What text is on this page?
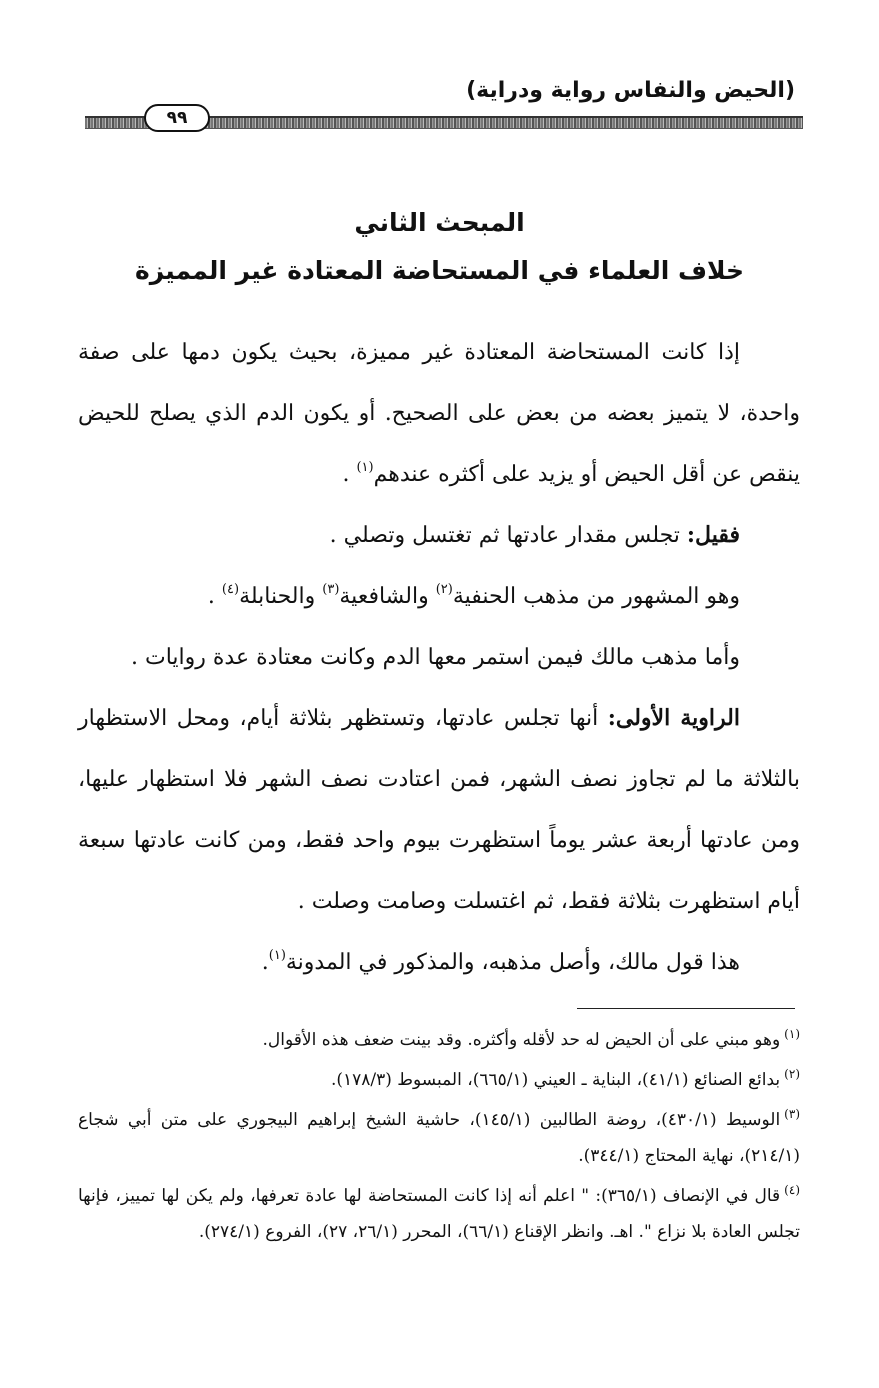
(الحيض والنفاس رواية ودراية)
٩٩
المبحث الثاني
خلاف العلماء في المستحاضة المعتادة غير المميزة

إذا كانت المستحاضة المعتادة غير مميزة، بحيث يكون دمها على صفة واحدة، لا يتميز بعضه من بعض على الصحيح. أو يكون الدم الذي يصلح للحيض ينقص عن أقل الحيض أو يزيد على أكثره عندهم$^{(١)}$ .

فقيل: تجلس مقدار عادتها ثم تغتسل وتصلي .

وهو المشهور من مذهب الحنفية$^{(٢)}$ والشافعية$^{(٣)}$ والحنابلة$^{(٤)}$ .

وأما مذهب مالك فيمن استمر معها الدم وكانت معتادة عدة روايات .

الراوية الأولى: أنها تجلس عادتها، وتستظهر بثلاثة أيام، ومحل الاستظهار بالثلاثة ما لم تجاوز نصف الشهر، فمن اعتادت نصف الشهر فلا استظهار عليها، ومن عادتها أربعة عشر يوماً استظهرت بيوم واحد فقط، ومن كانت عادتها سبعة أيام استظهرت بثلاثة فقط، ثم اغتسلت وصامت وصلت .

هذا قول مالك، وأصل مذهبه، والمذكور في المدونة$^{(١)}$.

$^{(١)}$وهو مبني على أن الحيض له حد لأقله وأكثره. وقد بينت ضعف هذه الأقوال.

$^{(٢)}$بدائع الصنائع (٤١/١)، البناية ـ العيني (٦٦٥/١)، المبسوط (١٧٨/٣).

$^{(٣)}$الوسيط (٤٣٠/١)، روضة الطالبين (١٤٥/١)، حاشية الشيخ إبراهيم البيجوري على متن أبي شجاع (٢١٤/١)، نهاية المحتاج (٣٤٤/١).

$^{(٤)}$قال في الإنصاف (٣٦٥/١): " اعلم أنه إذا كانت المستحاضة لها عادة تعرفها، ولم يكن لها تمييز، فإنها تجلس العادة بلا نزاع ". اهـ. وانظر الإقناع (٦٦/١)، المحرر (٢٦/١، ٢٧)، الفروع (٢٧٤/١).
